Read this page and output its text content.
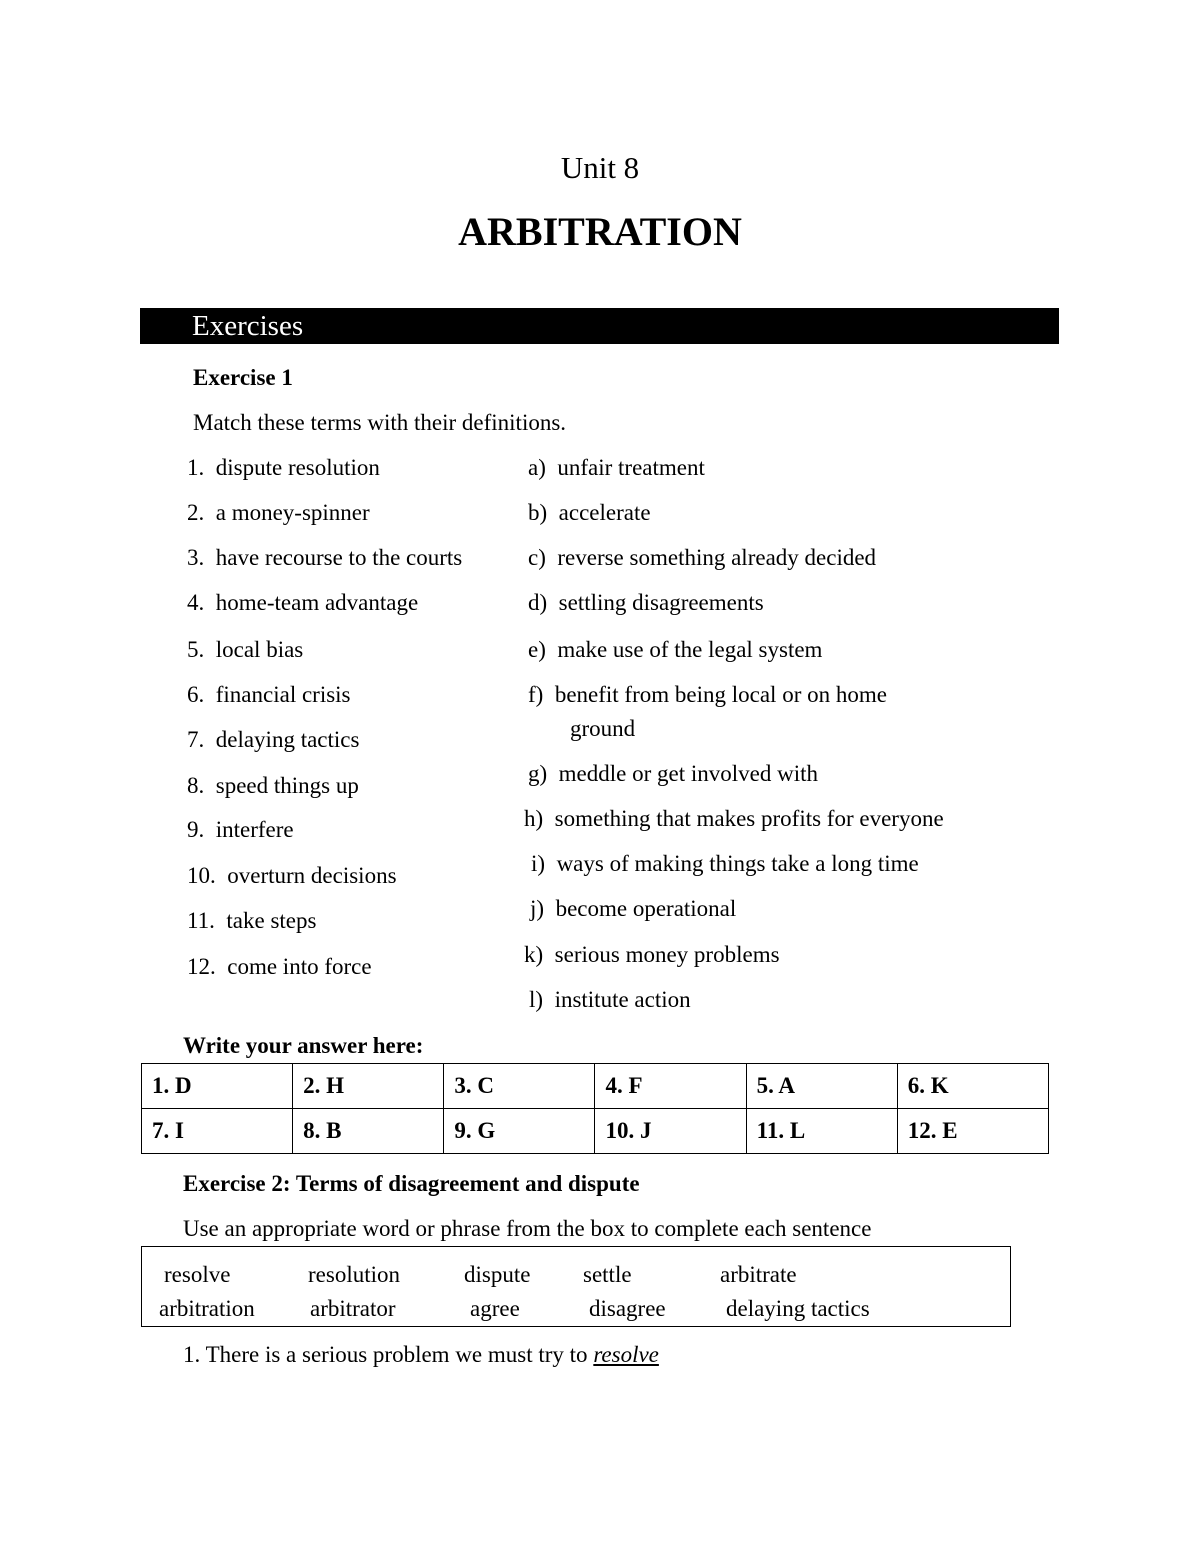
Unit 8
ARBITRATION
Exercises
Exercise 1
Match these terms with their definitions.
1. dispute resolution
2. a money-spinner
3. have recourse to the courts
4. home-team advantage
5. local bias
6. financial crisis
7. delaying tactics
8. speed things up
9. interfere
10. overturn decisions
11. take steps
12. come into force
a) unfair treatment
b) accelerate
c) reverse something already decided
d) settling disagreements
e) make use of the legal system
f) benefit from being local or on home
ground
g) meddle or get involved with
h) something that makes profits for everyone
i) ways of making things take a long time
j) become operational
k) serious money problems
l) institute action
Write your answer here:
1. D	2. H	3. C	4. F	5. A	6. K
7. I	8. B	9. G	10. J	11. L	12. E
Exercise 2: Terms of disagreement and dispute
Use an appropriate word or phrase from the box to complete each sentence
resolve	resolution	dispute settle	arbitrate
arbitration arbitrator	agree	disagree	delaying tactics
1. There is a serious problem we must try to resolve
